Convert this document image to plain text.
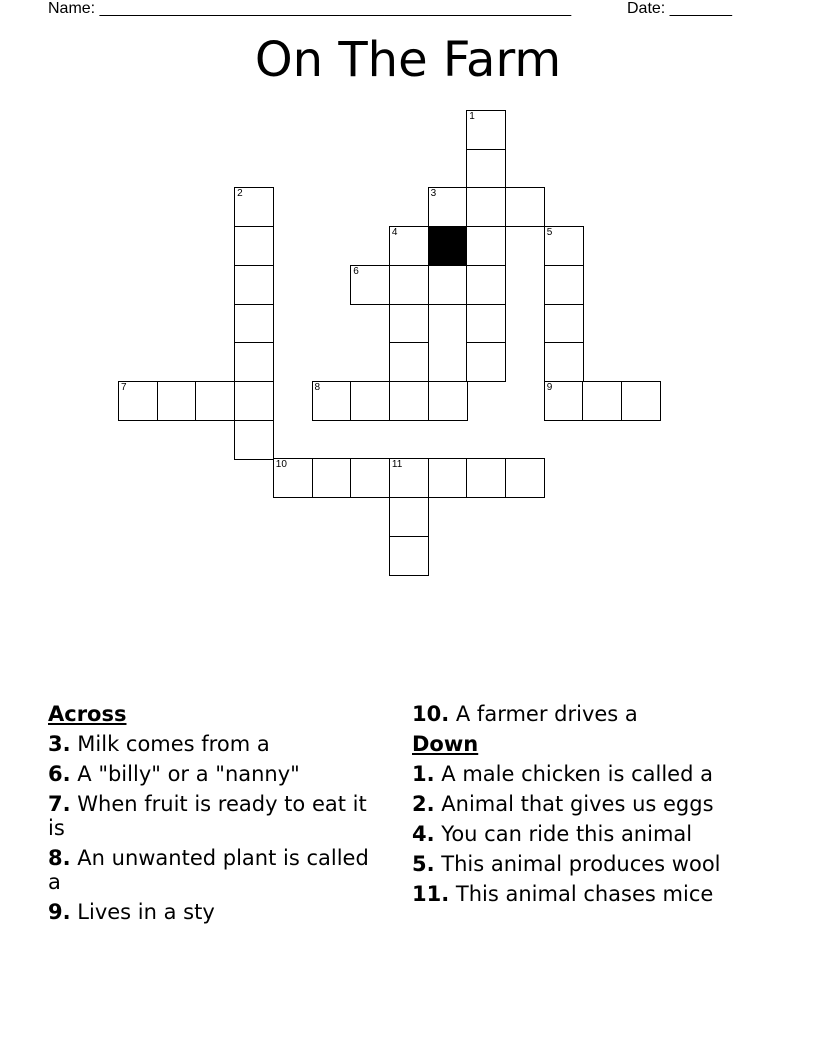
Name: _____________________________________________________	Date: _______
On The Farm
1
2	3
4	5
6
7	8	9
10	11
Across
3. Milk comes from a
6. A "billy" or a "nanny"
7. When fruit is ready to eat it is
8. An unwanted plant is called a
9. Lives in a sty
10. A farmer drives a
Down
1. A male chicken is called a
2. Animal that gives us eggs
4. You can ride this animal
5. This animal produces wool
11. This animal chases mice
